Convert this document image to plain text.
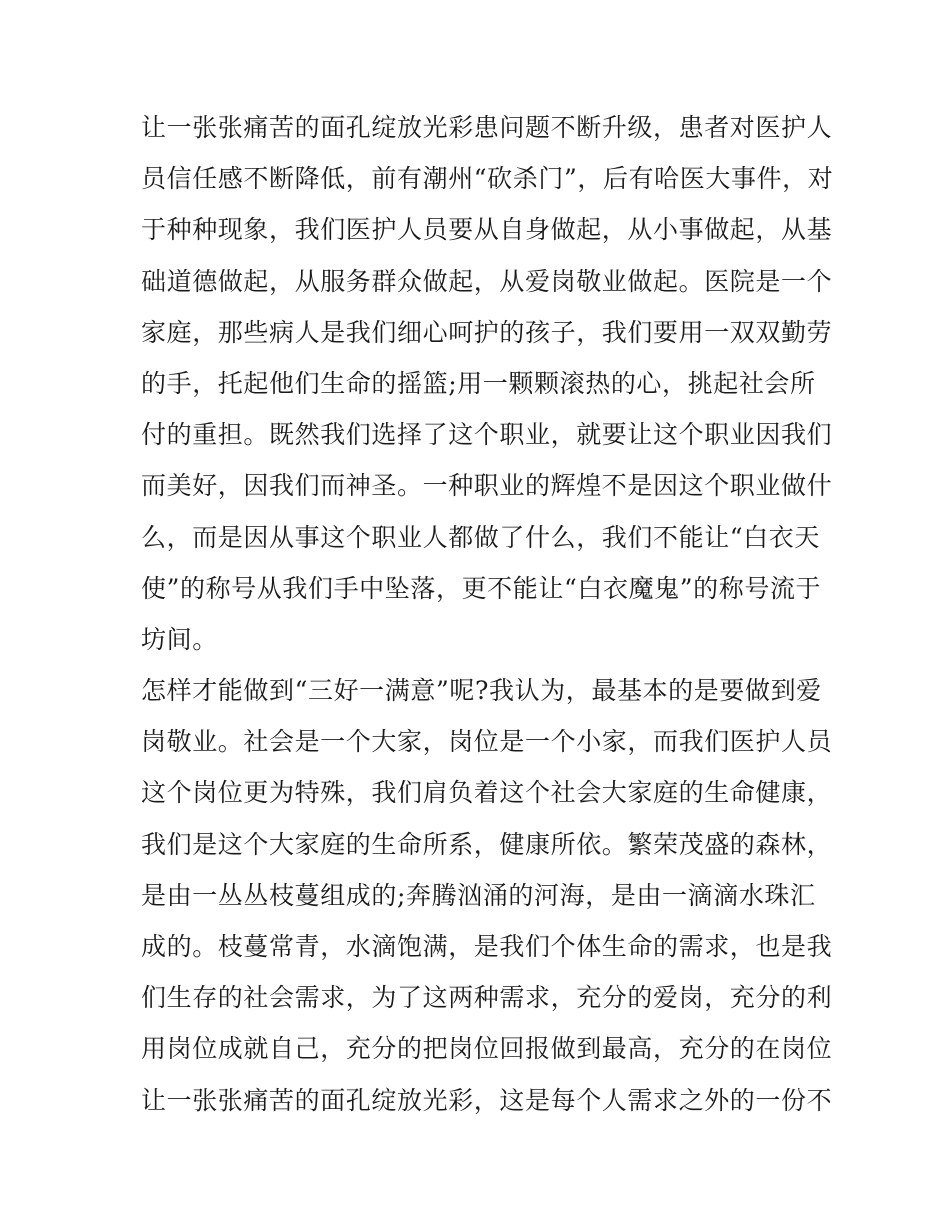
让一张张痛苦的面孔绽放光彩患问题不断升级，患者对医护人
员信任感不断降低，前有潮州“砍杀门”，后有哈医大事件，对
于种种现象，我们医护人员要从自身做起，从小事做起，从基
础道德做起，从服务群众做起，从爱岗敬业做起。医院是一个
家庭，那些病人是我们细心呵护的孩子，我们要用一双双勤劳
的手，托起他们生命的摇篮;用一颗颗滚热的心，挑起社会所
付的重担。既然我们选择了这个职业，就要让这个职业因我们
而美好，因我们而神圣。一种职业的辉煌不是因这个职业做什
么，而是因从事这个职业人都做了什么，我们不能让“白衣天
使”的称号从我们手中坠落，更不能让“白衣魔鬼”的称号流于
坊间。
怎样才能做到“三好一满意”呢?我认为，最基本的是要做到爱
岗敬业。社会是一个大家，岗位是一个小家，而我们医护人员
这个岗位更为特殊，我们肩负着这个社会大家庭的生命健康，
我们是这个大家庭的生命所系，健康所依。繁荣茂盛的森林，
是由一丛丛枝蔓组成的;奔腾汹涌的河海，是由一滴滴水珠汇
成的。枝蔓常青，水滴饱满，是我们个体生命的需求，也是我
们生存的社会需求，为了这两种需求，充分的爱岗，充分的利
用岗位成就自己，充分的把岗位回报做到最高，充分的在岗位
让一张张痛苦的面孔绽放光彩，这是每个人需求之外的一份不
